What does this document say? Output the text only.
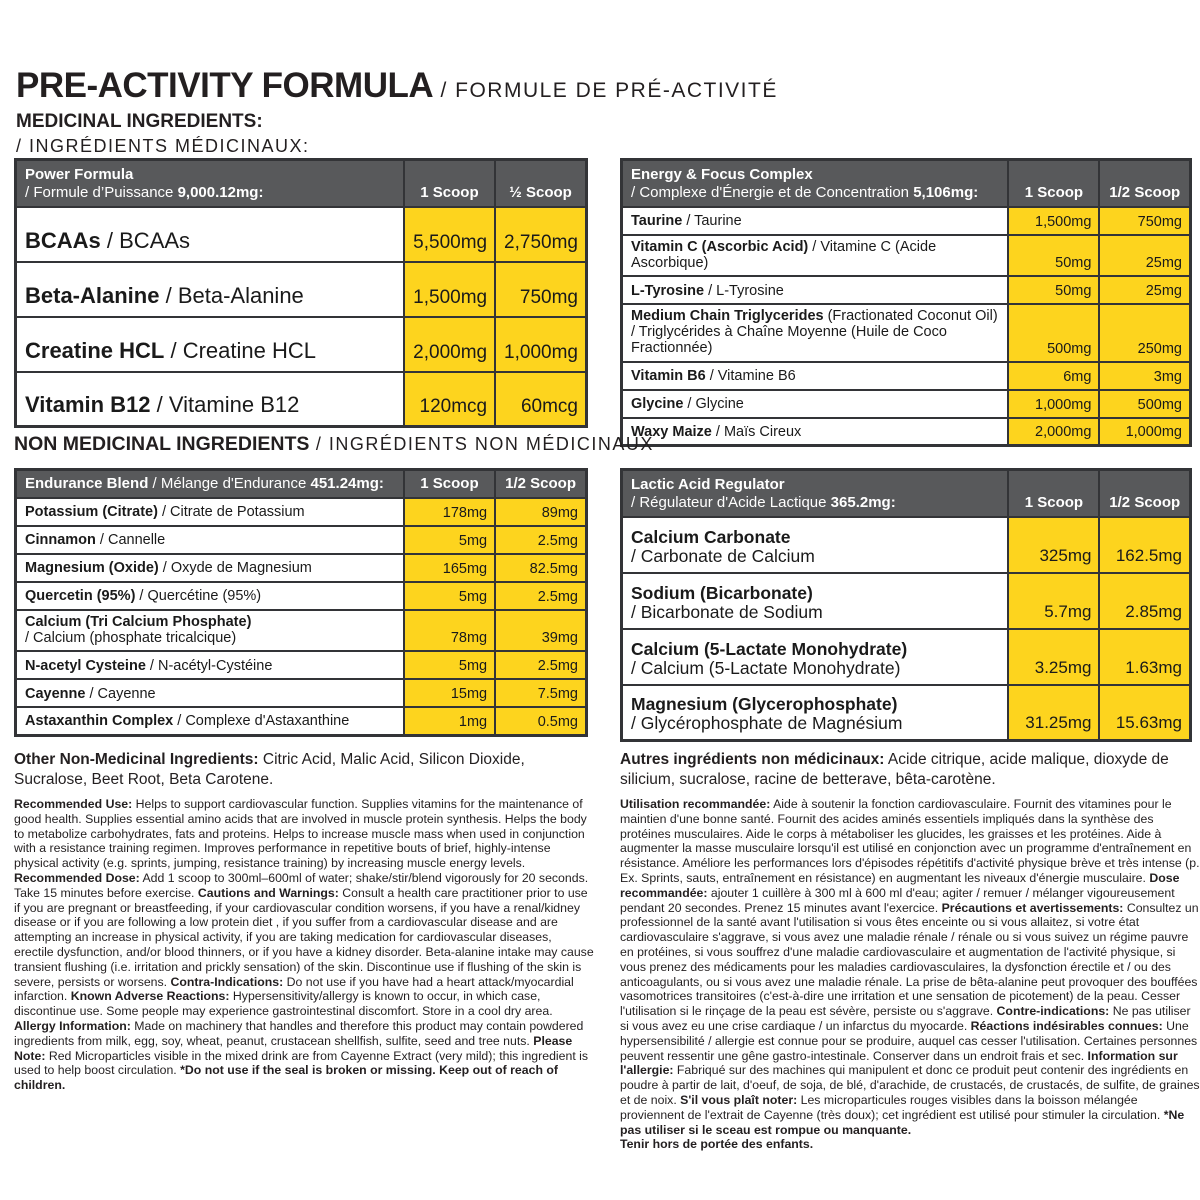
PRE-ACTIVITY FORMULA / FORMULE DE PRÉ-ACTIVITÉ
MEDICINAL INGREDIENTS:
/ INGRÉDIENTS MÉDICINAUX:
Power Formula
/ Formule d’Puissance 9,000.12mg:	1 Scoop	½ Scoop
BCAAs / BCAAs	5,500mg	2,750mg
Beta-Alanine / Beta-Alanine	1,500mg	750mg
Creatine HCL / Creatine HCL	2,000mg	1,000mg
Vitamin B12 / Vitamine B12	120mcg	60mcg
Energy & Focus Complex
/ Complexe d'Énergie et de Concentration 5,106mg:	1 Scoop	1/2 Scoop
Taurine / Taurine	1,500mg	750mg
Vitamin C (Ascorbic Acid) / Vitamine C (Acide Ascorbique)	50mg	25mg
L-Tyrosine / L-Tyrosine	50mg	25mg
Medium Chain Triglycerides (Fractionated Coconut Oil)
/ Triglycérides à Chaîne Moyenne (Huile de Coco Fractionnée)	500mg	250mg
Vitamin B6 / Vitamine B6	6mg	3mg
Glycine / Glycine	1,000mg	500mg
Waxy Maize / Maïs Cireux	2,000mg	1,000mg
NON MEDICINAL INGREDIENTS / INGRÉDIENTS NON MÉDICINAUX
Endurance Blend / Mélange d'Endurance 451.24mg:	1 Scoop	1/2 Scoop
Potassium (Citrate) / Citrate de Potassium	178mg	89mg
Cinnamon / Cannelle	5mg	2.5mg
Magnesium (Oxide) / Oxyde de Magnesium	165mg	82.5mg
Quercetin (95%) / Quercétine (95%)	5mg	2.5mg
Calcium (Tri Calcium Phosphate)
/ Calcium (phosphate tricalcique)	78mg	39mg
N-acetyl Cysteine / N-acétyl-Cystéine	5mg	2.5mg
Cayenne / Cayenne	15mg	7.5mg
Astaxanthin Complex / Complexe d'Astaxanthine	1mg	0.5mg
Lactic Acid Regulator
/ Régulateur d'Acide Lactique 365.2mg:	1 Scoop	1/2 Scoop
Calcium Carbonate
/ Carbonate de Calcium	325mg	162.5mg
Sodium (Bicarbonate)
/ Bicarbonate de Sodium	5.7mg	2.85mg
Calcium (5-Lactate Monohydrate)
/ Calcium (5-Lactate Monohydrate)	3.25mg	1.63mg
Magnesium (Glycerophosphate)
/ Glycérophosphate de Magnésium	31.25mg	15.63mg

Other Non-Medicinal Ingredients: Citric Acid, Malic Acid, Silicon Dioxide, Sucralose, Beet Root, Beta Carotene.

Autres ingrédients non médicinaux: Acide citrique, acide malique, dioxyde de silicium, sucralose, racine de betterave, bêta-carotène.

Recommended Use: Helps to support cardiovascular function. Supplies vitamins for the maintenance of good health. Supplies essential amino acids that are involved in muscle protein synthesis. Helps the body to metabolize carbohydrates, fats and proteins. Helps to increase muscle mass when used in conjunction with a resistance training regimen. Improves performance in repetitive bouts of brief, highly-intense physical activity (e.g. sprints, jumping, resistance training) by increasing muscle energy levels. Recommended Dose: Add 1 scoop to 300ml–600ml of water; shake/stir/blend vigorously for 20 seconds. Take 15 minutes before exercise. Cautions and Warnings: Consult a health care practitioner prior to use if you are pregnant or breastfeeding, if your cardiovascular condition worsens, if you have a renal/kidney disease or if you are following a low protein diet , if you suffer from a cardiovascular disease and are attempting an increase in physical activity, if you are taking medication for cardiovascular diseases, erectile dysfunction, and/or blood thinners, or if you have a kidney disorder. Beta-alanine intake may cause transient flushing (i.e. irritation and prickly sensation) of the skin. Discontinue use if flushing of the skin is severe, persists or worsens. Contra-Indications: Do not use if you have had a heart attack/myocardial infarction. Known Adverse Reactions: Hypersensitivity/allergy is known to occur, in which case, discontinue use. Some people may experience gastrointestinal discomfort. Store in a cool dry area. Allergy Information: Made on machinery that handles and therefore this product may contain powdered ingredients from milk, egg, soy, wheat, peanut, crustacean shellfish, sulfite, seed and tree nuts. Please Note: Red Microparticles visible in the mixed drink are from Cayenne Extract (very mild); this ingredient is used to help boost circulation. *Do not use if the seal is broken or missing. Keep out of reach of children.

Utilisation recommandée: Aide à soutenir la fonction cardiovasculaire. Fournit des vitamines pour le maintien d'une bonne santé. Fournit des acides aminés essentiels impliqués dans la synthèse des protéines musculaires. Aide le corps à métaboliser les glucides, les graisses et les protéines. Aide à augmenter la masse musculaire lorsqu'il est utilisé en conjonction avec un programme d'entraînement en résistance. Améliore les performances lors d'épisodes répétitifs d'activité physique brève et très intense (p. Ex. Sprints, sauts, entraînement en résistance) en augmentant les niveaux d'énergie musculaire. Dose recommandée: ajouter 1 cuillère à 300 ml à 600 ml d'eau; agiter / remuer / mélanger vigoureusement pendant 20 secondes. Prenez 15 minutes avant l'exercice. Précautions et avertissements: Consultez un professionnel de la santé avant l'utilisation si vous êtes enceinte ou si vous allaitez, si votre état cardiovasculaire s'aggrave, si vous avez une maladie rénale / rénale ou si vous suivez un régime pauvre en protéines, si vous souffrez d'une maladie cardiovasculaire et augmentation de l'activité physique, si vous prenez des médicaments pour les maladies cardiovasculaires, la dysfonction érectile et / ou des anticoagulants, ou si vous avez une maladie rénale. La prise de bêta-alanine peut provoquer des bouffées vasomotrices transitoires (c'est-à-dire une irritation et une sensation de picotement) de la peau. Cesser l'utilisation si le rinçage de la peau est sévère, persiste ou s'aggrave. Contre-indications: Ne pas utiliser si vous avez eu une crise cardiaque / un infarctus du myocarde. Réactions indésirables connues: Une hypersensibilité / allergie est connue pour se produire, auquel cas cesser l'utilisation. Certaines personnes peuvent ressentir une gêne gastro-intestinale. Conserver dans un endroit frais et sec. Information sur l'allergie: Fabriqué sur des machines qui manipulent et donc ce produit peut contenir des ingrédients en poudre à partir de lait, d'oeuf, de soja, de blé, d'arachide, de crustacés, de crustacés, de sulfite, de graines et de noix. S'il vous plaît noter: Les microparticules rouges visibles dans la boisson mélangée proviennent de l'extrait de Cayenne (très doux); cet ingrédient est utilisé pour stimuler la circulation. *Ne pas utiliser si le sceau est rompue ou manquante.
Tenir hors de portée des enfants.
